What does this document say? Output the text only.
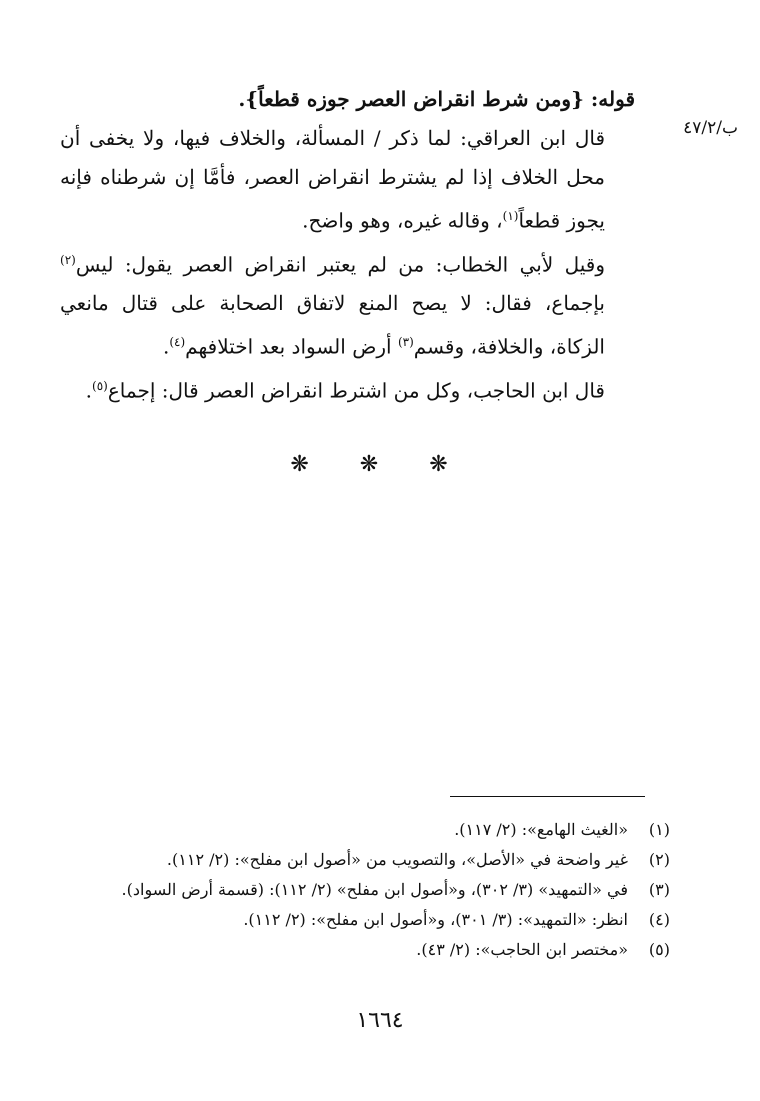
ب/٤٧/٢

قوله: {ومن شرط انقراض العصر جوزه قطعاً}.

قال ابن العراقي: لما ذكر / المسألة، والخلاف فيها، ولا يخفى أن محل الخلاف إذا لم يشترط انقراض العصر، فأمَّا إن شرطناه فإنه يجوز قطعاً$^{(١)}$، وقاله غيره، وهو واضح.

وقيل لأبي الخطاب: من لم يعتبر انقراض العصر يقول: ليس$^{(٢)}$ بإجماع، فقال: لا يصح المنع لاتفاق الصحابة على قتال مانعي الزكاة، والخلافة، وقسم$^{(٣)}$ أرض السواد بعد اختلافهم$^{(٤)}$.

قال ابن الحاجب، وكل من اشترط انقراض العصر قال: إجماع$^{(٥)}$.

❋ ❋ ❋
(١)
«الغيث الهامع»: (٢/ ١١٧).
(٢)
غير واضحة في «الأصل»، والتصويب من «أصول ابن مفلح»: (٢/ ١١٢).
(٣)
في «التمهيد» (٣/ ٣٠٢)، و«أصول ابن مفلح» (٢/ ١١٢): (قسمة أرض السواد).
(٤)
انظر: «التمهيد»: (٣/ ٣٠١)، و«أصول ابن مفلح»: (٢/ ١١٢).
(٥)
«مختصر ابن الحاجب»: (٢/ ٤٣).
١٦٦٤
